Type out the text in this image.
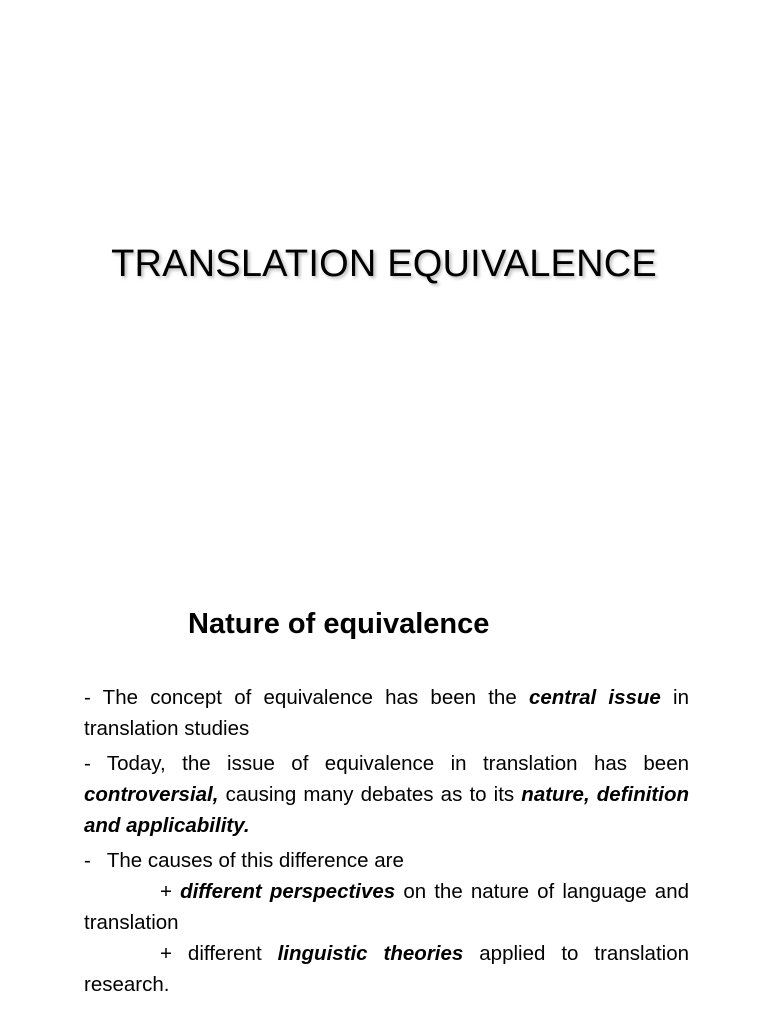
TRANSLATION EQUIVALENCE
Nature of equivalence

- The concept of equivalence has been the central issue in translation studies

- Today, the issue of equivalence in translation has been controversial, causing many debates as to its nature, definition and applicability.

- The causes of this difference are
+ different perspectives on the nature of language and translation
+ different linguistic theories applied to translation research.
